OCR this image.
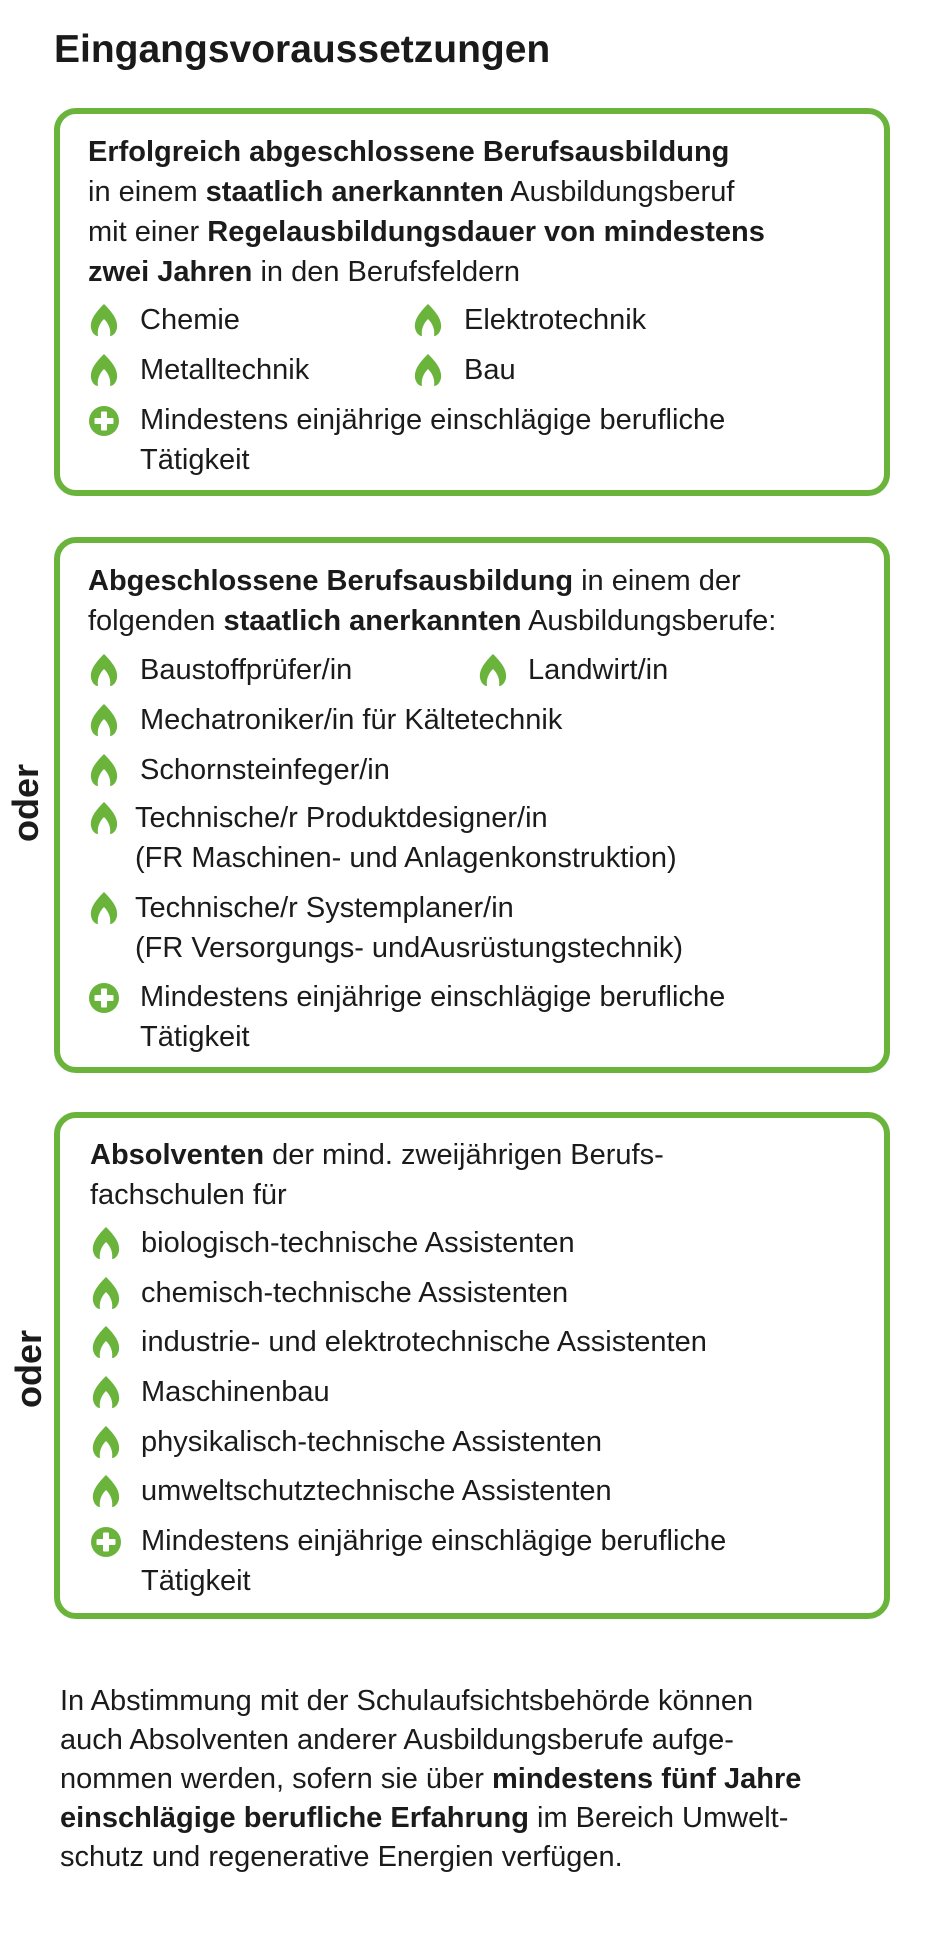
Eingangsvoraussetzungen
Erfolgreich abgeschlossene Berufsausbildung
in einem staatlich anerkannten Ausbildungsberuf
mit einer Regelausbildungsdauer von mindestens
zwei Jahren in den Berufsfeldern
Chemie	Elektrotechnik
Metalltechnik	Bau
Mindestens einjährige einschlägige berufliche
Tätigkeit
oder
Abgeschlossene Berufsausbildung in einem der
folgenden staatlich anerkannten Ausbildungsberufe:
Baustoffprüfer/in	Landwirt/in
Mechatroniker/in für Kältetechnik
Schornsteinfeger/in
Technische/r Produktdesigner/in
(FR Maschinen- und Anlagenkonstruktion)
Technische/r Systemplaner/in
(FR Versorgungs- undAusrüstungstechnik)
Mindestens einjährige einschlägige berufliche
Tätigkeit
oder
Absolventen der mind. zweijährigen Berufs-
fachschulen für
biologisch-technische Assistenten
chemisch-technische Assistenten
industrie- und elektrotechnische Assistenten
Maschinenbau
physikalisch-technische Assistenten
umweltschutztechnische Assistenten
Mindestens einjährige einschlägige berufliche
Tätigkeit
In Abstimmung mit der Schulaufsichtsbehörde können
auch Absolventen anderer Ausbildungsberufe aufge-
nommen werden, sofern sie über mindestens fünf Jahre
einschlägige berufliche Erfahrung im Bereich Umwelt-
schutz und regenerative Energien verfügen.
